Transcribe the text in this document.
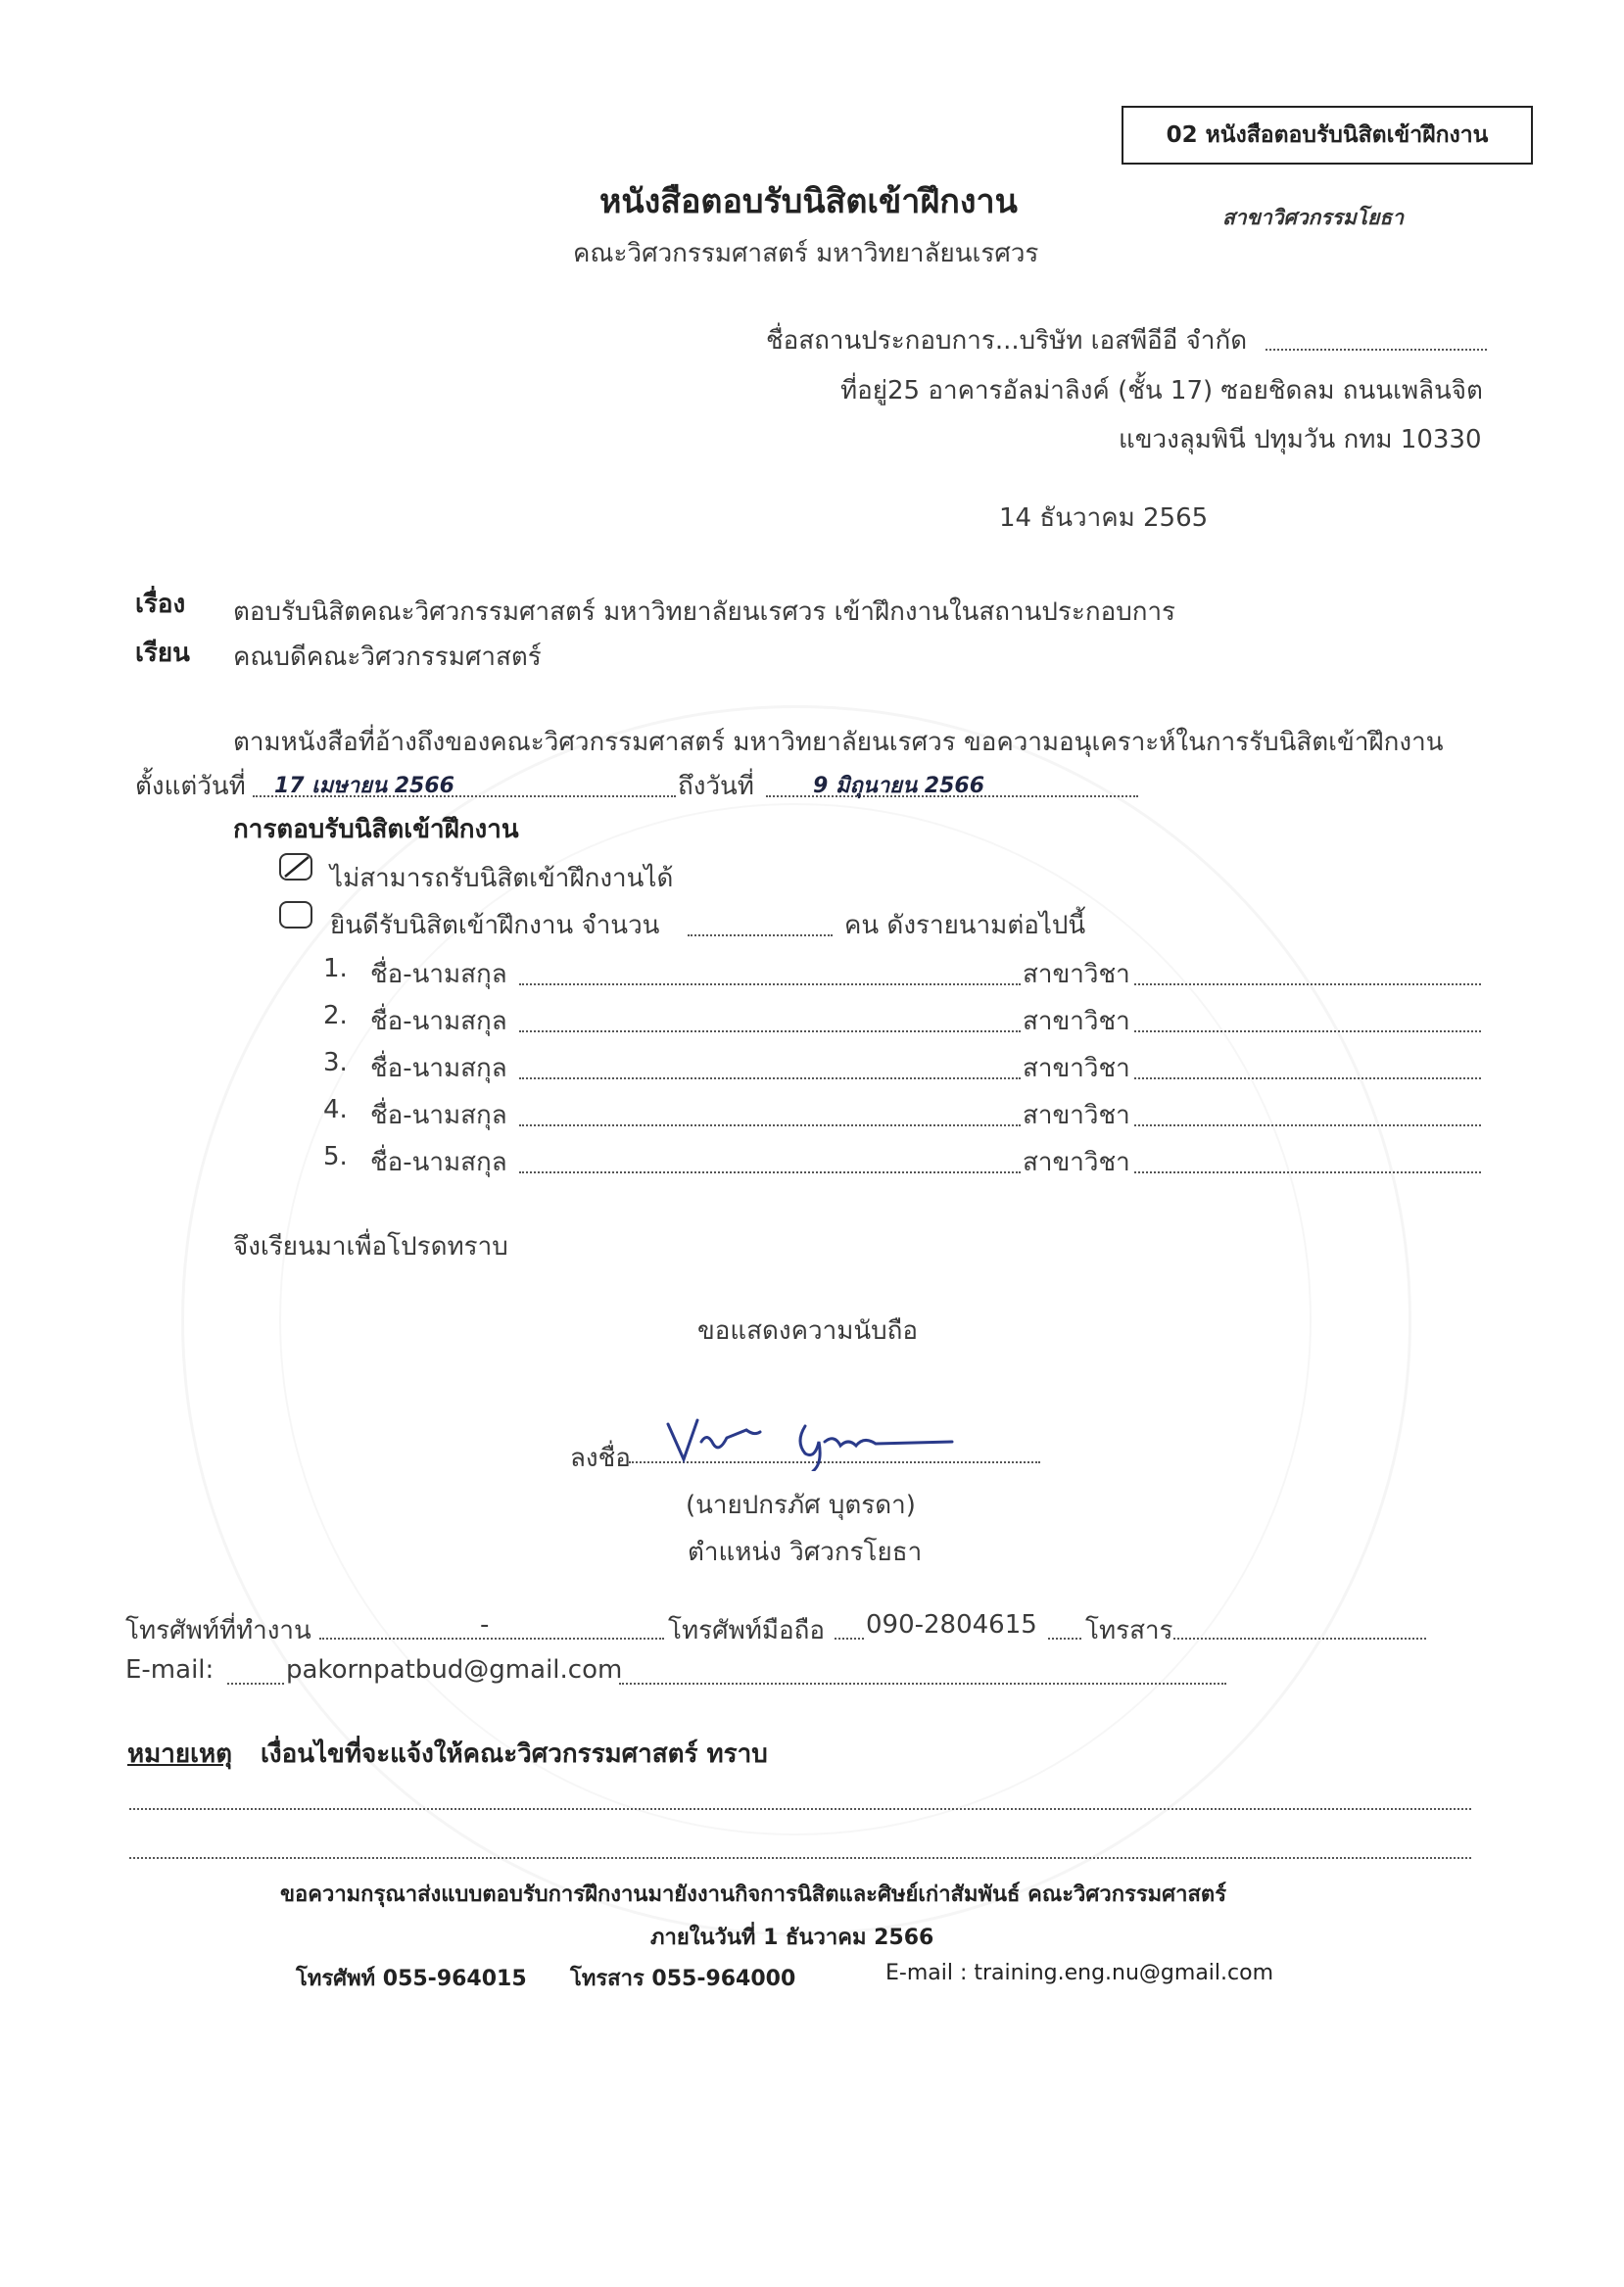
02 หนังสือตอบรับนิสิตเข้าฝึกงาน
หนังสือตอบรับนิสิตเข้าฝึกงาน
คณะวิศวกรรมศาสตร์ มหาวิทยาลัยนเรศวร
สาขาวิศวกรรมโยธา
ชื่อสถานประกอบการ...บริษัท เอสพีอีอี จำกัด
ที่อยู่25 อาคารอัลม่าลิงค์ (ชั้น 17) ซอยชิดลม ถนนเพลินจิต
แขวงลุมพินี ปทุมวัน กทม 10330
14 ธันวาคม 2565
เรื่อง ตอบรับนิสิตคณะวิศวกรรมศาสตร์ มหาวิทยาลัยนเรศวร เข้าฝึกงานในสถานประกอบการ
เรียน คณบดีคณะวิศวกรรมศาสตร์
ตามหนังสือที่อ้างถึงของคณะวิศวกรรมศาสตร์ มหาวิทยาลัยนเรศวร ขอความอนุเคราะห์ในการรับนิสิตเข้าฝึกงาน
ตั้งแต่วันที่ 17 เมษายน 2566	ถึงวันที่	9 มิถุนายน 2566
การตอบรับนิสิตเข้าฝึกงาน
ไม่สามารถรับนิสิตเข้าฝึกงานได้
ยินดีรับนิสิตเข้าฝึกงาน จำนวน	คน ดังรายนามต่อไปนี้
1. ชื่อ-นามสกุล	สาขาวิชา
2. ชื่อ-นามสกุล	สาขาวิชา
3. ชื่อ-นามสกุล	สาขาวิชา
4. ชื่อ-นามสกุล	สาขาวิชา
5. ชื่อ-นามสกุล	สาขาวิชา
จึงเรียนมาเพื่อโปรดทราบ
ขอแสดงความนับถือ
ลงชื่อ
(นายปกรภัศ บุตรดา)
ตำแหน่ง วิศวกรโยธา
โทรศัพท์ที่ทำงาน	-	โทรศัพท์มือถือ 090-2804615 โทรสาร
E-mail:	pakornpatbud@gmail.com
หมายเหตุ เงื่อนไขที่จะแจ้งให้คณะวิศวกรรมศาสตร์ ทราบ
ขอความกรุณาส่งแบบตอบรับการฝึกงานมายังงานกิจการนิสิตและศิษย์เก่าสัมพันธ์ คณะวิศวกรรมศาสตร์
ภายในวันที่ 1 ธันวาคม 2566
โทรศัพท์ 055-964015 โทรสาร 055-964000	E-mail : training.eng.nu@gmail.com
